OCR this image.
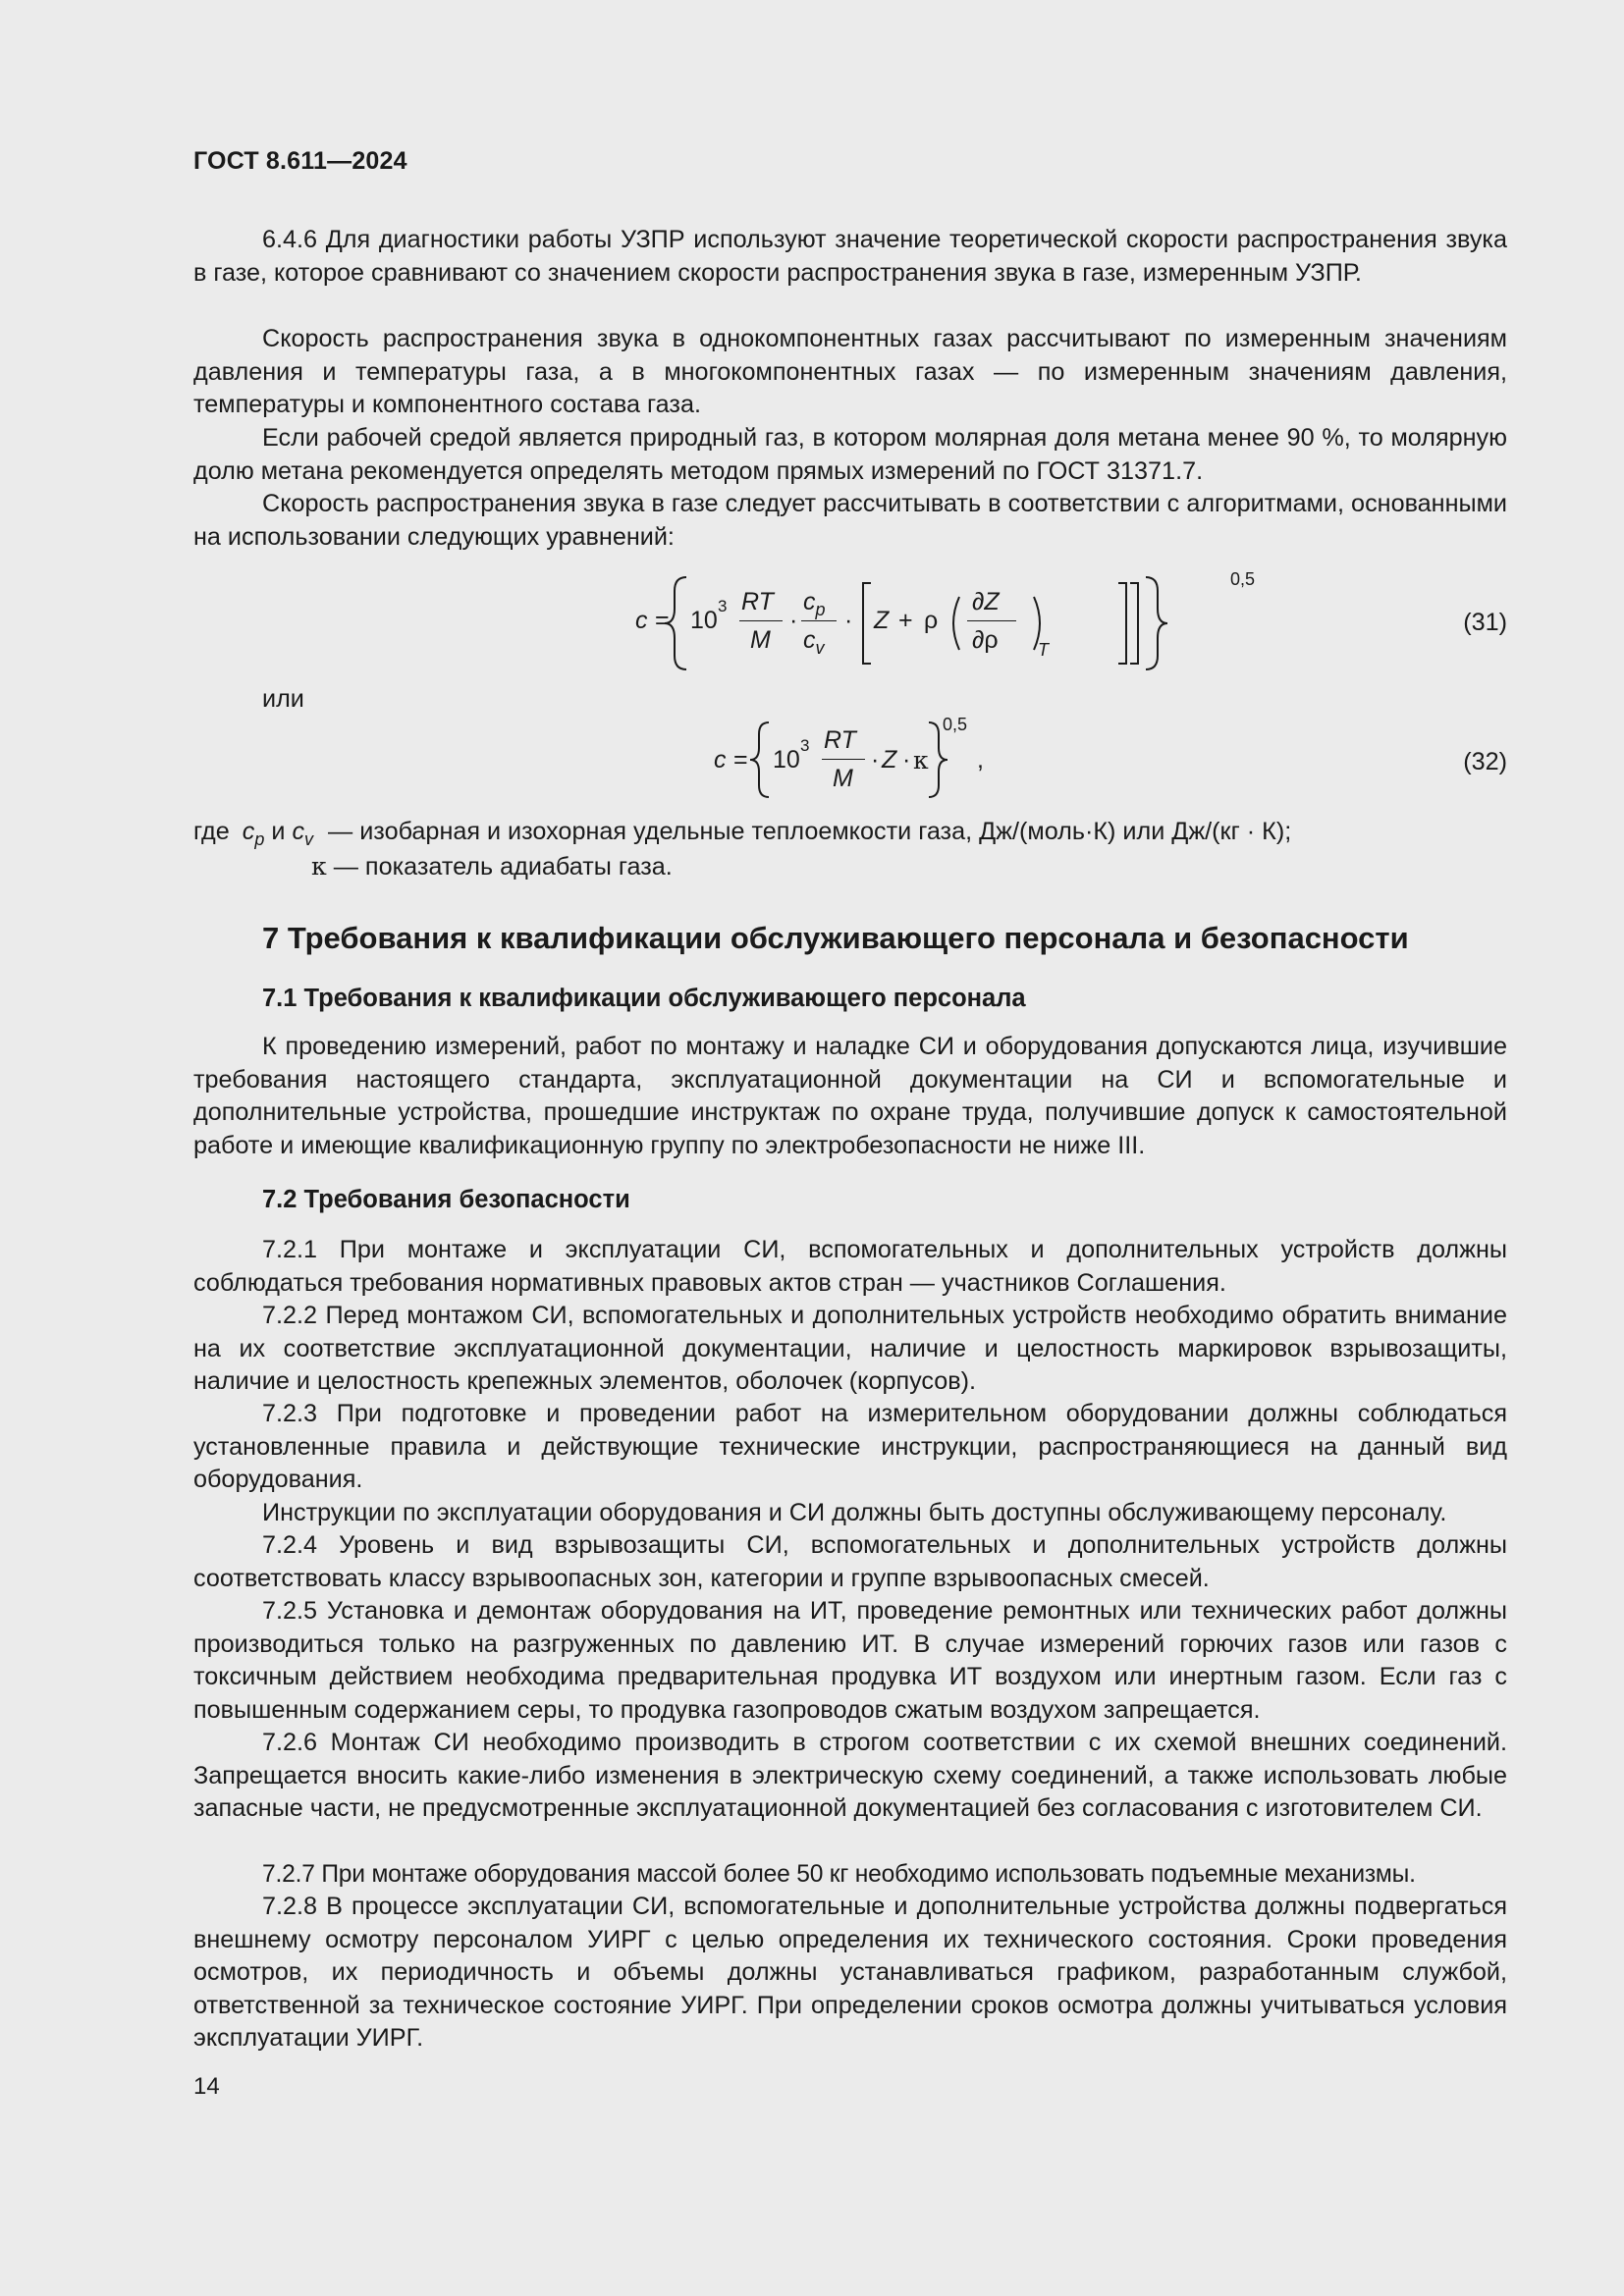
ГОСТ 8.611—2024

6.4.6 Для диагностики работы УЗПР используют значение теоретической скорости распространения звука в газе, которое сравнивают со значением скорости распространения звука в газе, измеренным УЗПР.

Скорость распространения звука в однокомпонентных газах рассчитывают по измеренным значениям давления и температуры газа, а в многокомпонентных газах — по измеренным значениям давления, температуры и компонентного состава газа.

Если рабочей средой является природный газ, в котором молярная доля метана менее 90 %, то молярную долю метана рекомендуется определять методом прямых измерений по ГОСТ 31371.7.

Скорость распространения звука в газе следует рассчитывать в соответствии с алгоритмами, основанными на использовании следующих уравнений:

c = 10
3 RT
M
·
$c_p$
$c_v$
· Z + ρ
∂Z
∂ρ T
0,5
(31)
или
c = 10
3 RT
M
· Z · κ
0,5
,	(32)
где $c_p$ и $c_v$ — изобарная и изохорная удельные теплоемкости газа, Дж/(моль·К) или Дж/(кг · К);
κ — показатель адиабаты газа.
7 Требования к квалификации обслуживающего персонала и безопасности
7.1 Требования к квалификации обслуживающего персонала

К проведению измерений, работ по монтажу и наладке СИ и оборудования допускаются лица, изучившие требования настоящего стандарта, эксплуатационной документации на СИ и вспомогательные и дополнительные устройства, прошедшие инструктаж по охране труда, получившие допуск к самостоятельной работе и имеющие квалификационную группу по электробезопасности не ниже III.

7.2 Требования безопасности

7.2.1 При монтаже и эксплуатации СИ, вспомогательных и дополнительных устройств должны соблюдаться требования нормативных правовых актов стран — участников Соглашения.

7.2.2 Перед монтажом СИ, вспомогательных и дополнительных устройств необходимо обратить внимание на их соответствие эксплуатационной документации, наличие и целостность маркировок взрывозащиты, наличие и целостность крепежных элементов, оболочек (корпусов).

7.2.3 При подготовке и проведении работ на измерительном оборудовании должны соблюдаться установленные правила и действующие технические инструкции, распространяющиеся на данный вид оборудования.

Инструкции по эксплуатации оборудования и СИ должны быть доступны обслуживающему персоналу.

7.2.4 Уровень и вид взрывозащиты СИ, вспомогательных и дополнительных устройств должны соответствовать классу взрывоопасных зон, категории и группе взрывоопасных смесей.

7.2.5 Установка и демонтаж оборудования на ИТ, проведение ремонтных или технических работ должны производиться только на разгруженных по давлению ИТ. В случае измерений горючих газов или газов с токсичным действием необходима предварительная продувка ИТ воздухом или инертным газом. Если газ с повышенным содержанием серы, то продувка газопроводов сжатым воздухом запрещается.

7.2.6 Монтаж СИ необходимо производить в строгом соответствии с их схемой внешних соединений. Запрещается вносить какие-либо изменения в электрическую схему соединений, а также использовать любые запасные части, не предусмотренные эксплуатационной документацией без согласования с изготовителем СИ.

7.2.7 При монтаже оборудования массой более 50 кг необходимо использовать подъемные механизмы.

7.2.8 В процессе эксплуатации СИ, вспомогательные и дополнительные устройства должны подвергаться внешнему осмотру персоналом УИРГ с целью определения их технического состояния. Сроки проведения осмотров, их периодичность и объемы должны устанавливаться графиком, разработанным службой, ответственной за техническое состояние УИРГ. При определении сроков осмотра должны учитываться условия эксплуатации УИРГ.

14
